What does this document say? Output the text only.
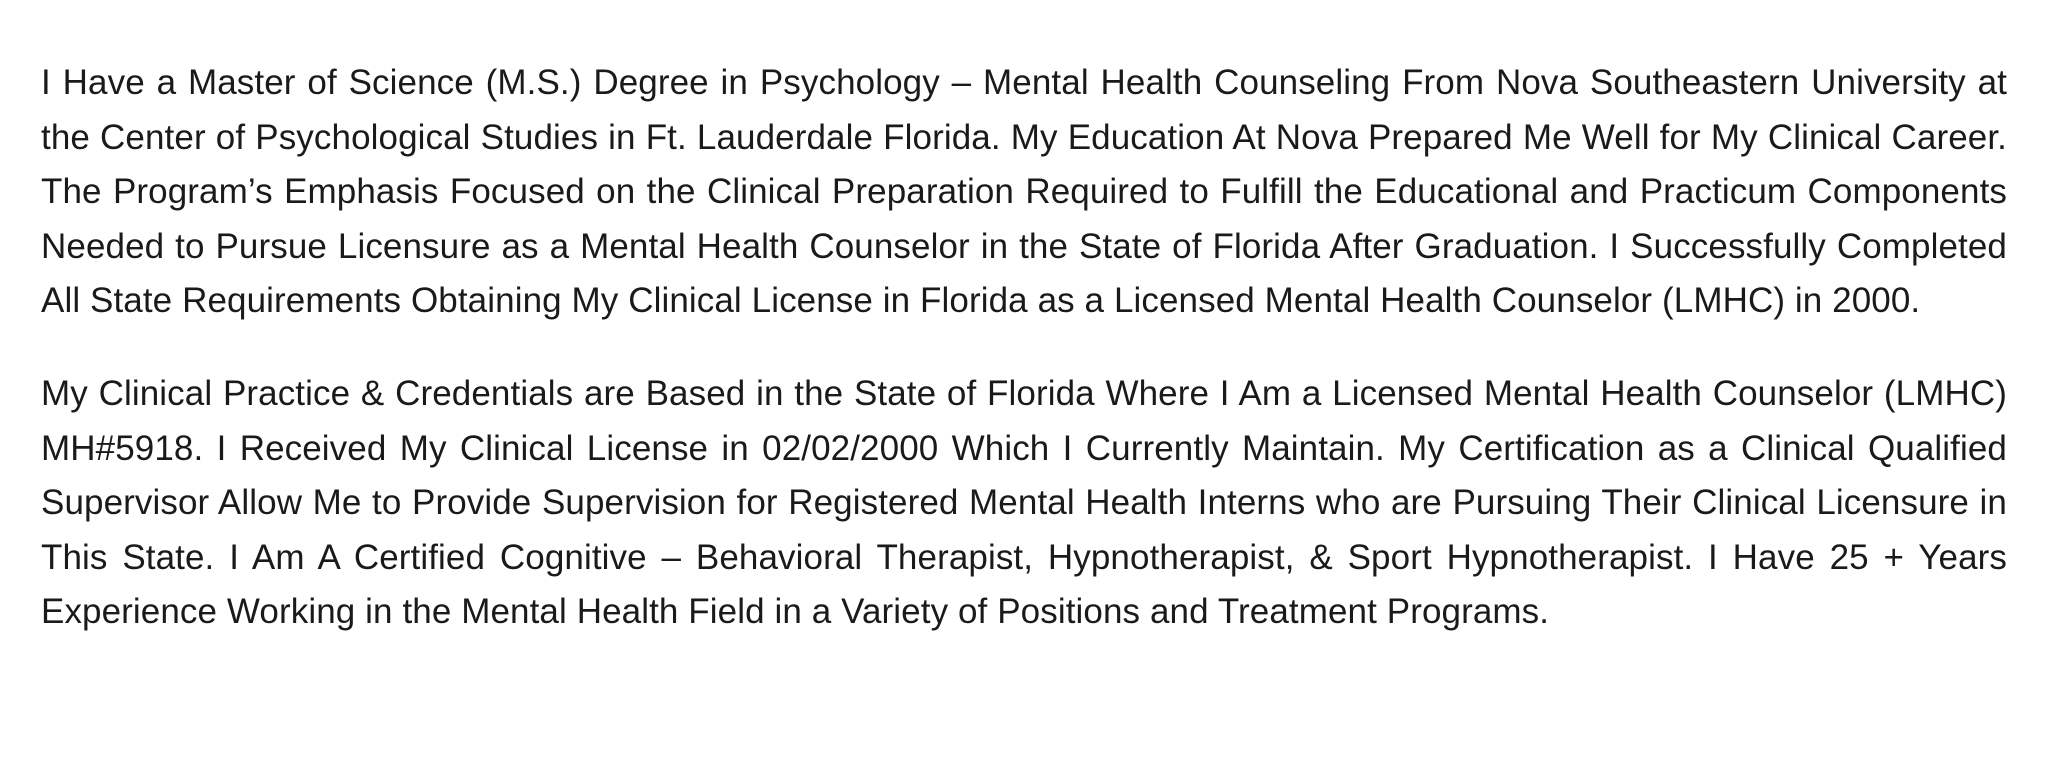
I Have a Master of Science (M.S.) Degree in Psychology – Mental Health Counseling From Nova Southeastern University at the Center of Psychological Studies in Ft. Lauderdale Florida. My Education At Nova Prepared Me Well for My Clinical Career. The Program’s Emphasis Focused on the Clinical Preparation Required to Fulfill the Educational and Practicum Components Needed to Pursue Licensure as a Mental Health Counselor in the State of Florida After Graduation. I Successfully Completed All State Requirements Obtaining My Clinical License in Florida as a Licensed Mental Health Counselor (LMHC) in 2000.

My Clinical Practice & Credentials are Based in the State of Florida Where I Am a Licensed Mental Health Counselor (LMHC) MH#5918. I Received My Clinical License in 02/02/2000 Which I Currently Maintain. My Certification as a Clinical Qualified Supervisor Allow Me to Provide Supervision for Registered Mental Health Interns who are Pursuing Their Clinical Licensure in This State. I Am A Certified Cognitive – Behavioral Therapist, Hypnotherapist, & Sport Hypnotherapist. I Have 25 + Years Experience Working in the Mental Health Field in a Variety of Positions and Treatment Programs.
